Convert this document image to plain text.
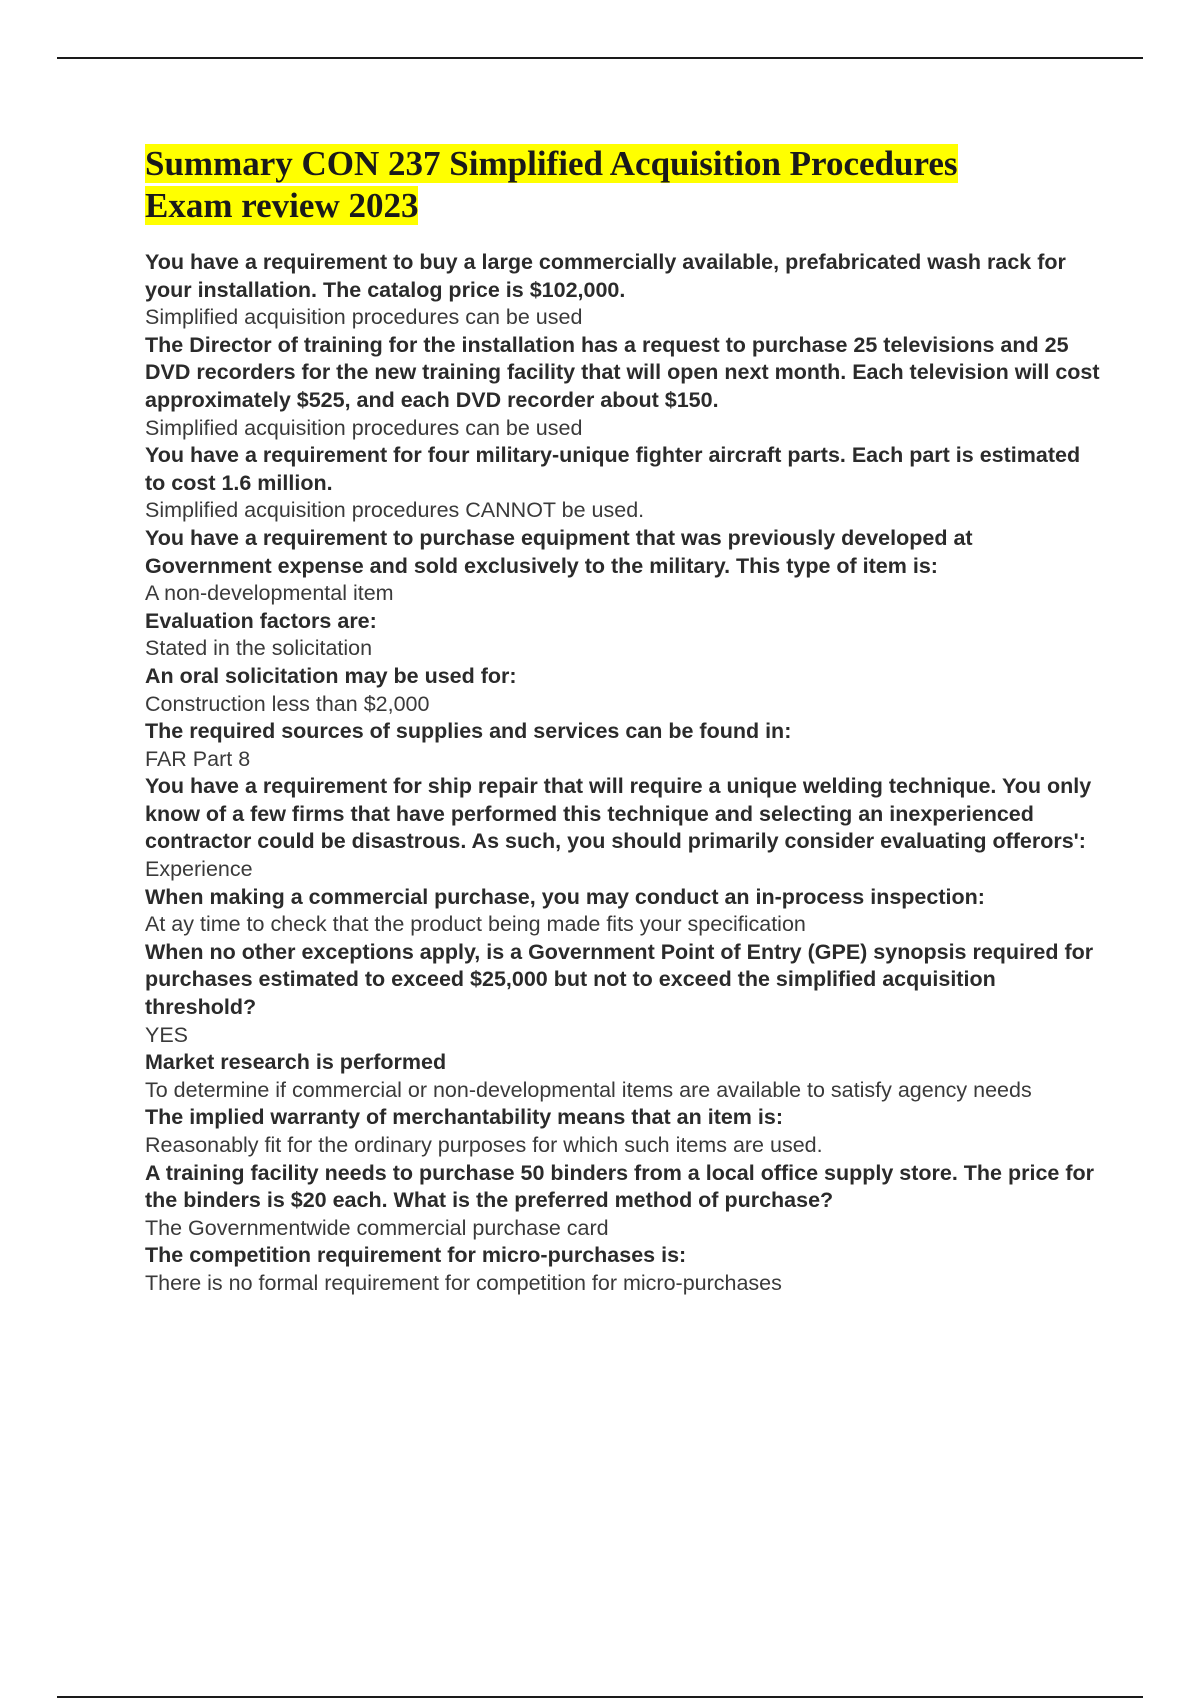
Summary CON 237 Simplified Acquisition Procedures
Exam review 2023

You have a requirement to buy a large commercially available, prefabricated wash rack for your installation. The catalog price is $102,000.

Simplified acquisition procedures can be used

The Director of training for the installation has a request to purchase 25 televisions and 25 DVD recorders for the new training facility that will open next month. Each television will cost approximately $525, and each DVD recorder about $150.

Simplified acquisition procedures can be used

You have a requirement for four military-unique fighter aircraft parts. Each part is estimated to cost 1.6 million.

Simplified acquisition procedures CANNOT be used.

You have a requirement to purchase equipment that was previously developed at Government expense and sold exclusively to the military. This type of item is:

A non-developmental item

Evaluation factors are:

Stated in the solicitation

An oral solicitation may be used for:

Construction less than $2,000

The required sources of supplies and services can be found in:

FAR Part 8

You have a requirement for ship repair that will require a unique welding technique. You only know of a few firms that have performed this technique and selecting an inexperienced contractor could be disastrous. As such, you should primarily consider evaluating offerors':

Experience

When making a commercial purchase, you may conduct an in-process inspection:

At ay time to check that the product being made fits your specification

When no other exceptions apply, is a Government Point of Entry (GPE) synopsis required for purchases estimated to exceed $25,000 but not to exceed the simplified acquisition threshold?

YES

Market research is performed

To determine if commercial or non-developmental items are available to satisfy agency needs

The implied warranty of merchantability means that an item is:

Reasonably fit for the ordinary purposes for which such items are used.

A training facility needs to purchase 50 binders from a local office supply store. The price for the binders is $20 each. What is the preferred method of purchase?

The Governmentwide commercial purchase card

The competition requirement for micro-purchases is:

There is no formal requirement for competition for micro-purchases
